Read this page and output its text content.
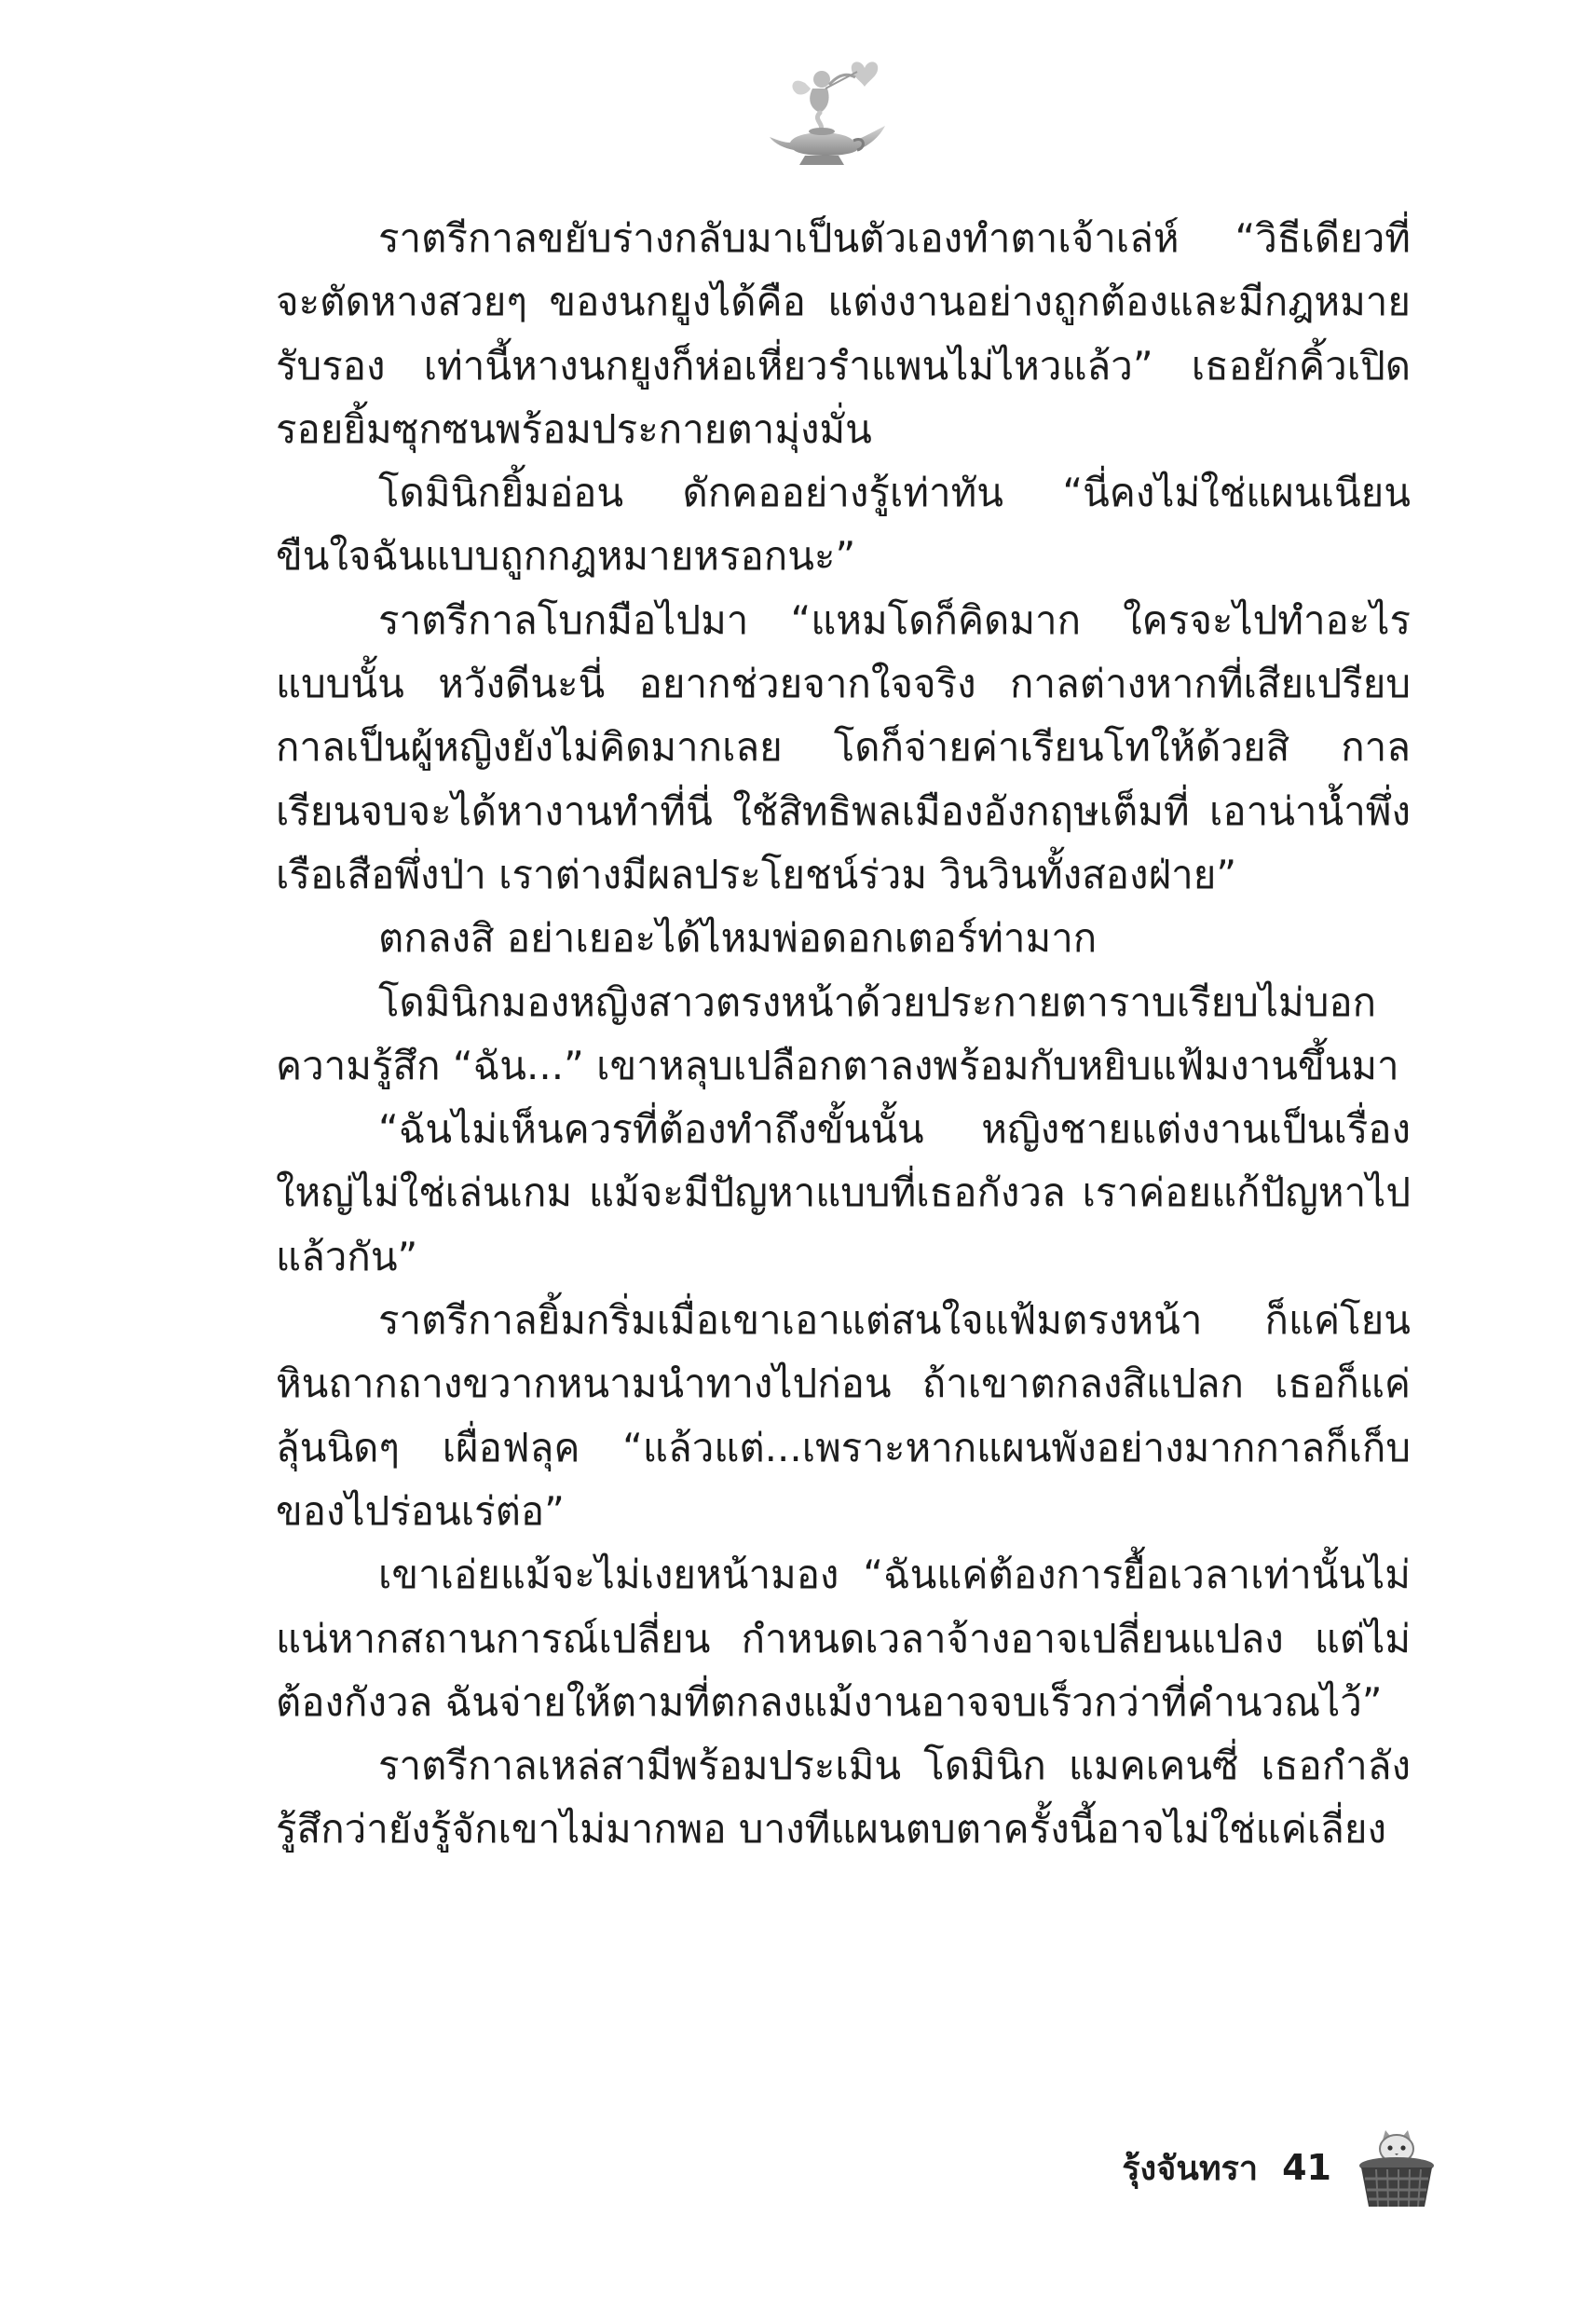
ราตรีกาลขยับร่างกลับมาเป็นตัวเองทำตาเจ้าเล่ห์ “วิธีเดียวที่จะตัดหางสวยๆ ของนกยูงได้คือ แต่งงานอย่างถูกต้องและมีกฎหมายรับรอง เท่านี้หางนกยูงก็ห่อเหี่ยวรำแพนไม่ไหวแล้ว” เธอยักคิ้วเปิดรอยยิ้มซุกซนพร้อมประกายตามุ่งมั่น

โดมินิกยิ้มอ่อน ดักคออย่างรู้เท่าทัน “นี่คงไม่ใช่แผนเนียนขืนใจฉันแบบถูกกฎหมายหรอกนะ”

ราตรีกาลโบกมือไปมา “แหมโดก็คิดมาก ใครจะไปทำอะไรแบบนั้น หวังดีนะนี่ อยากช่วยจากใจจริง กาลต่างหากที่เสียเปรียบ กาลเป็นผู้หญิงยังไม่คิดมากเลย โดก็จ่ายค่าเรียนโทให้ด้วยสิ กาลเรียนจบจะได้หางานทำที่นี่ ใช้สิทธิพลเมืองอังกฤษเต็มที่ เอาน่าน้ำพึ่งเรือเสือพึ่งป่า เราต่างมีผลประโยชน์ร่วม วินวินทั้งสองฝ่าย”

ตกลงสิ อย่าเยอะได้ไหมพ่อดอกเตอร์ท่ามาก

โดมินิกมองหญิงสาวตรงหน้าด้วยประกายตาราบเรียบไม่บอกความรู้สึก “ฉัน...” เขาหลุบเปลือกตาลงพร้อมกับหยิบแฟ้มงานขึ้นมา

“ฉันไม่เห็นควรที่ต้องทำถึงขั้นนั้น หญิงชายแต่งงานเป็นเรื่องใหญ่ไม่ใช่เล่นเกม แม้จะมีปัญหาแบบที่เธอกังวล เราค่อยแก้ปัญหาไปแล้วกัน”

ราตรีกาลยิ้มกริ่มเมื่อเขาเอาแต่สนใจแฟ้มตรงหน้า ก็แค่โยนหินถากถางขวากหนามนำทางไปก่อน ถ้าเขาตกลงสิแปลก เธอก็แค่ลุ้นนิดๆ เผื่อฟลุค “แล้วแต่...เพราะหากแผนพังอย่างมากกาลก็เก็บของไปร่อนเร่ต่อ”

เขาเอ่ยแม้จะไม่เงยหน้ามอง “ฉันแค่ต้องการยื้อเวลาเท่านั้นไม่แน่หากสถานการณ์เปลี่ยน กำหนดเวลาจ้างอาจเปลี่ยนแปลง แต่ไม่ต้องกังวล ฉันจ่ายให้ตามที่ตกลงแม้งานอาจจบเร็วกว่าที่คำนวณไว้”

ราตรีกาลเหล่สามีพร้อมประเมิน โดมินิก แมคเคนซี่ เธอกำลังรู้สึกว่ายังรู้จักเขาไม่มากพอ บางทีแผนตบตาครั้งนี้อาจไม่ใช่แค่เลี่ยง

รุ้งจันทรา 41
